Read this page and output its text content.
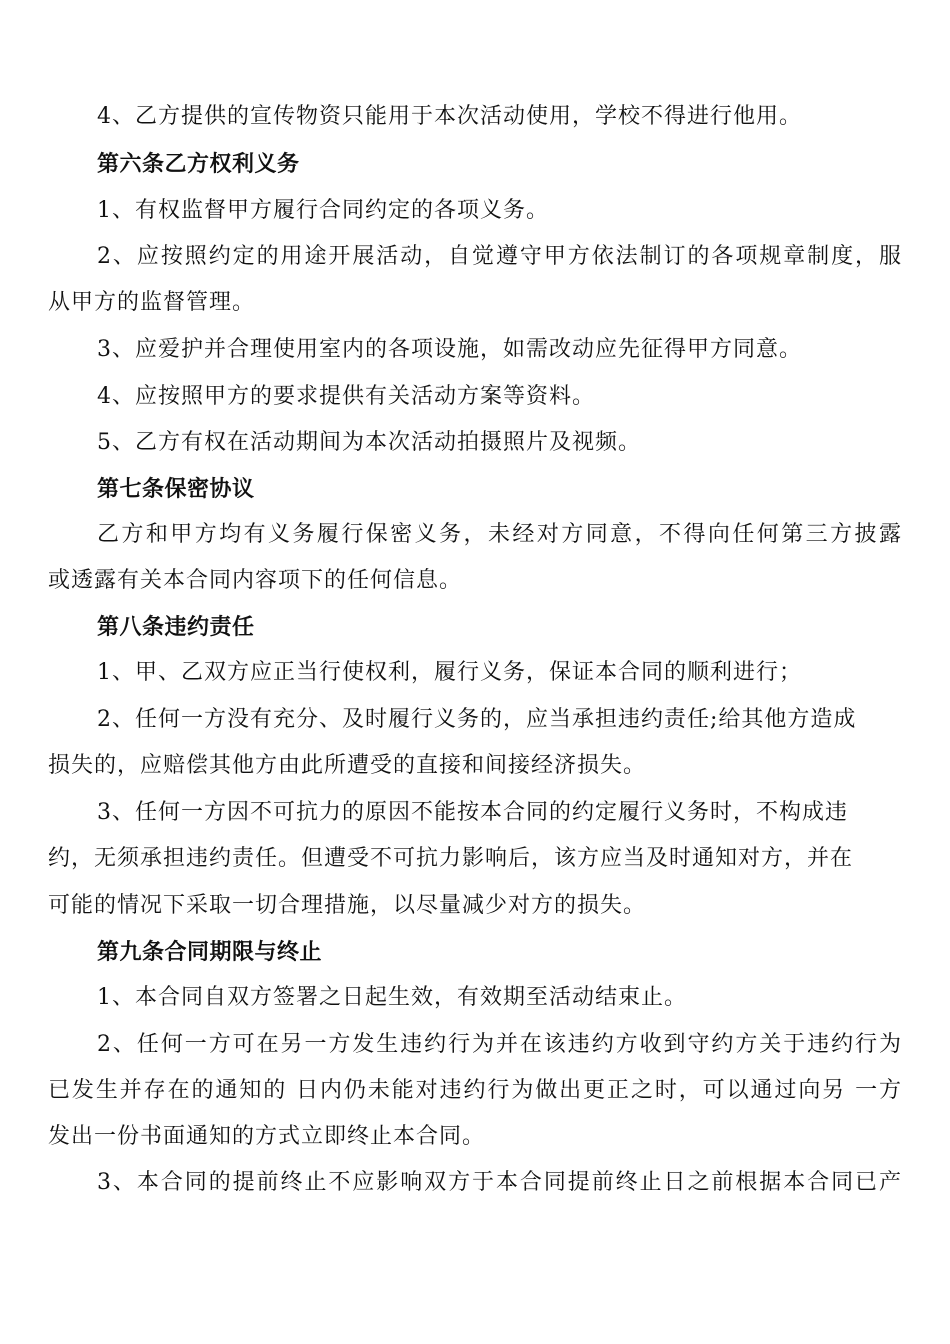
4、乙方提供的宣传物资只能用于本次活动使用，学校不得进行他用。
第六条乙方权利义务
1、有权监督甲方履行合同约定的各项义务。
2、应按照约定的用途开展活动，自觉遵守甲方依法制订的各项规章制度，服
从甲方的监督管理。
3、应爱护并合理使用室内的各项设施，如需改动应先征得甲方同意。
4、应按照甲方的要求提供有关活动方案等资料。
5、乙方有权在活动期间为本次活动拍摄照片及视频。
第七条保密协议
乙方和甲方均有义务履行保密义务，未经对方同意，不得向任何第三方披露
或透露有关本合同内容项下的任何信息。
第八条违约责任
1、甲、乙双方应正当行使权利，履行义务，保证本合同的顺利进行；
2、任何一方没有充分、及时履行义务的，应当承担违约责任;给其他方造成
损失的，应赔偿其他方由此所遭受的直接和间接经济损失。
3、任何一方因不可抗力的原因不能按本合同的约定履行义务时，不构成违
约，无须承担违约责任。但遭受不可抗力影响后，该方应当及时通知对方，并在
可能的情况下采取一切合理措施，以尽量减少对方的损失。
第九条合同期限与终止
1、本合同自双方签署之日起生效，有效期至活动结束止。
2、任何一方可在另一方发生违约行为并在该违约方收到守约方关于违约行为
已发生并存在的通知的 日内仍未能对违约行为做出更正之时，可以通过向另 一方
发出一份书面通知的方式立即终止本合同。
3、本合同的提前终止不应影响双方于本合同提前终止日之前根据本合同已产
